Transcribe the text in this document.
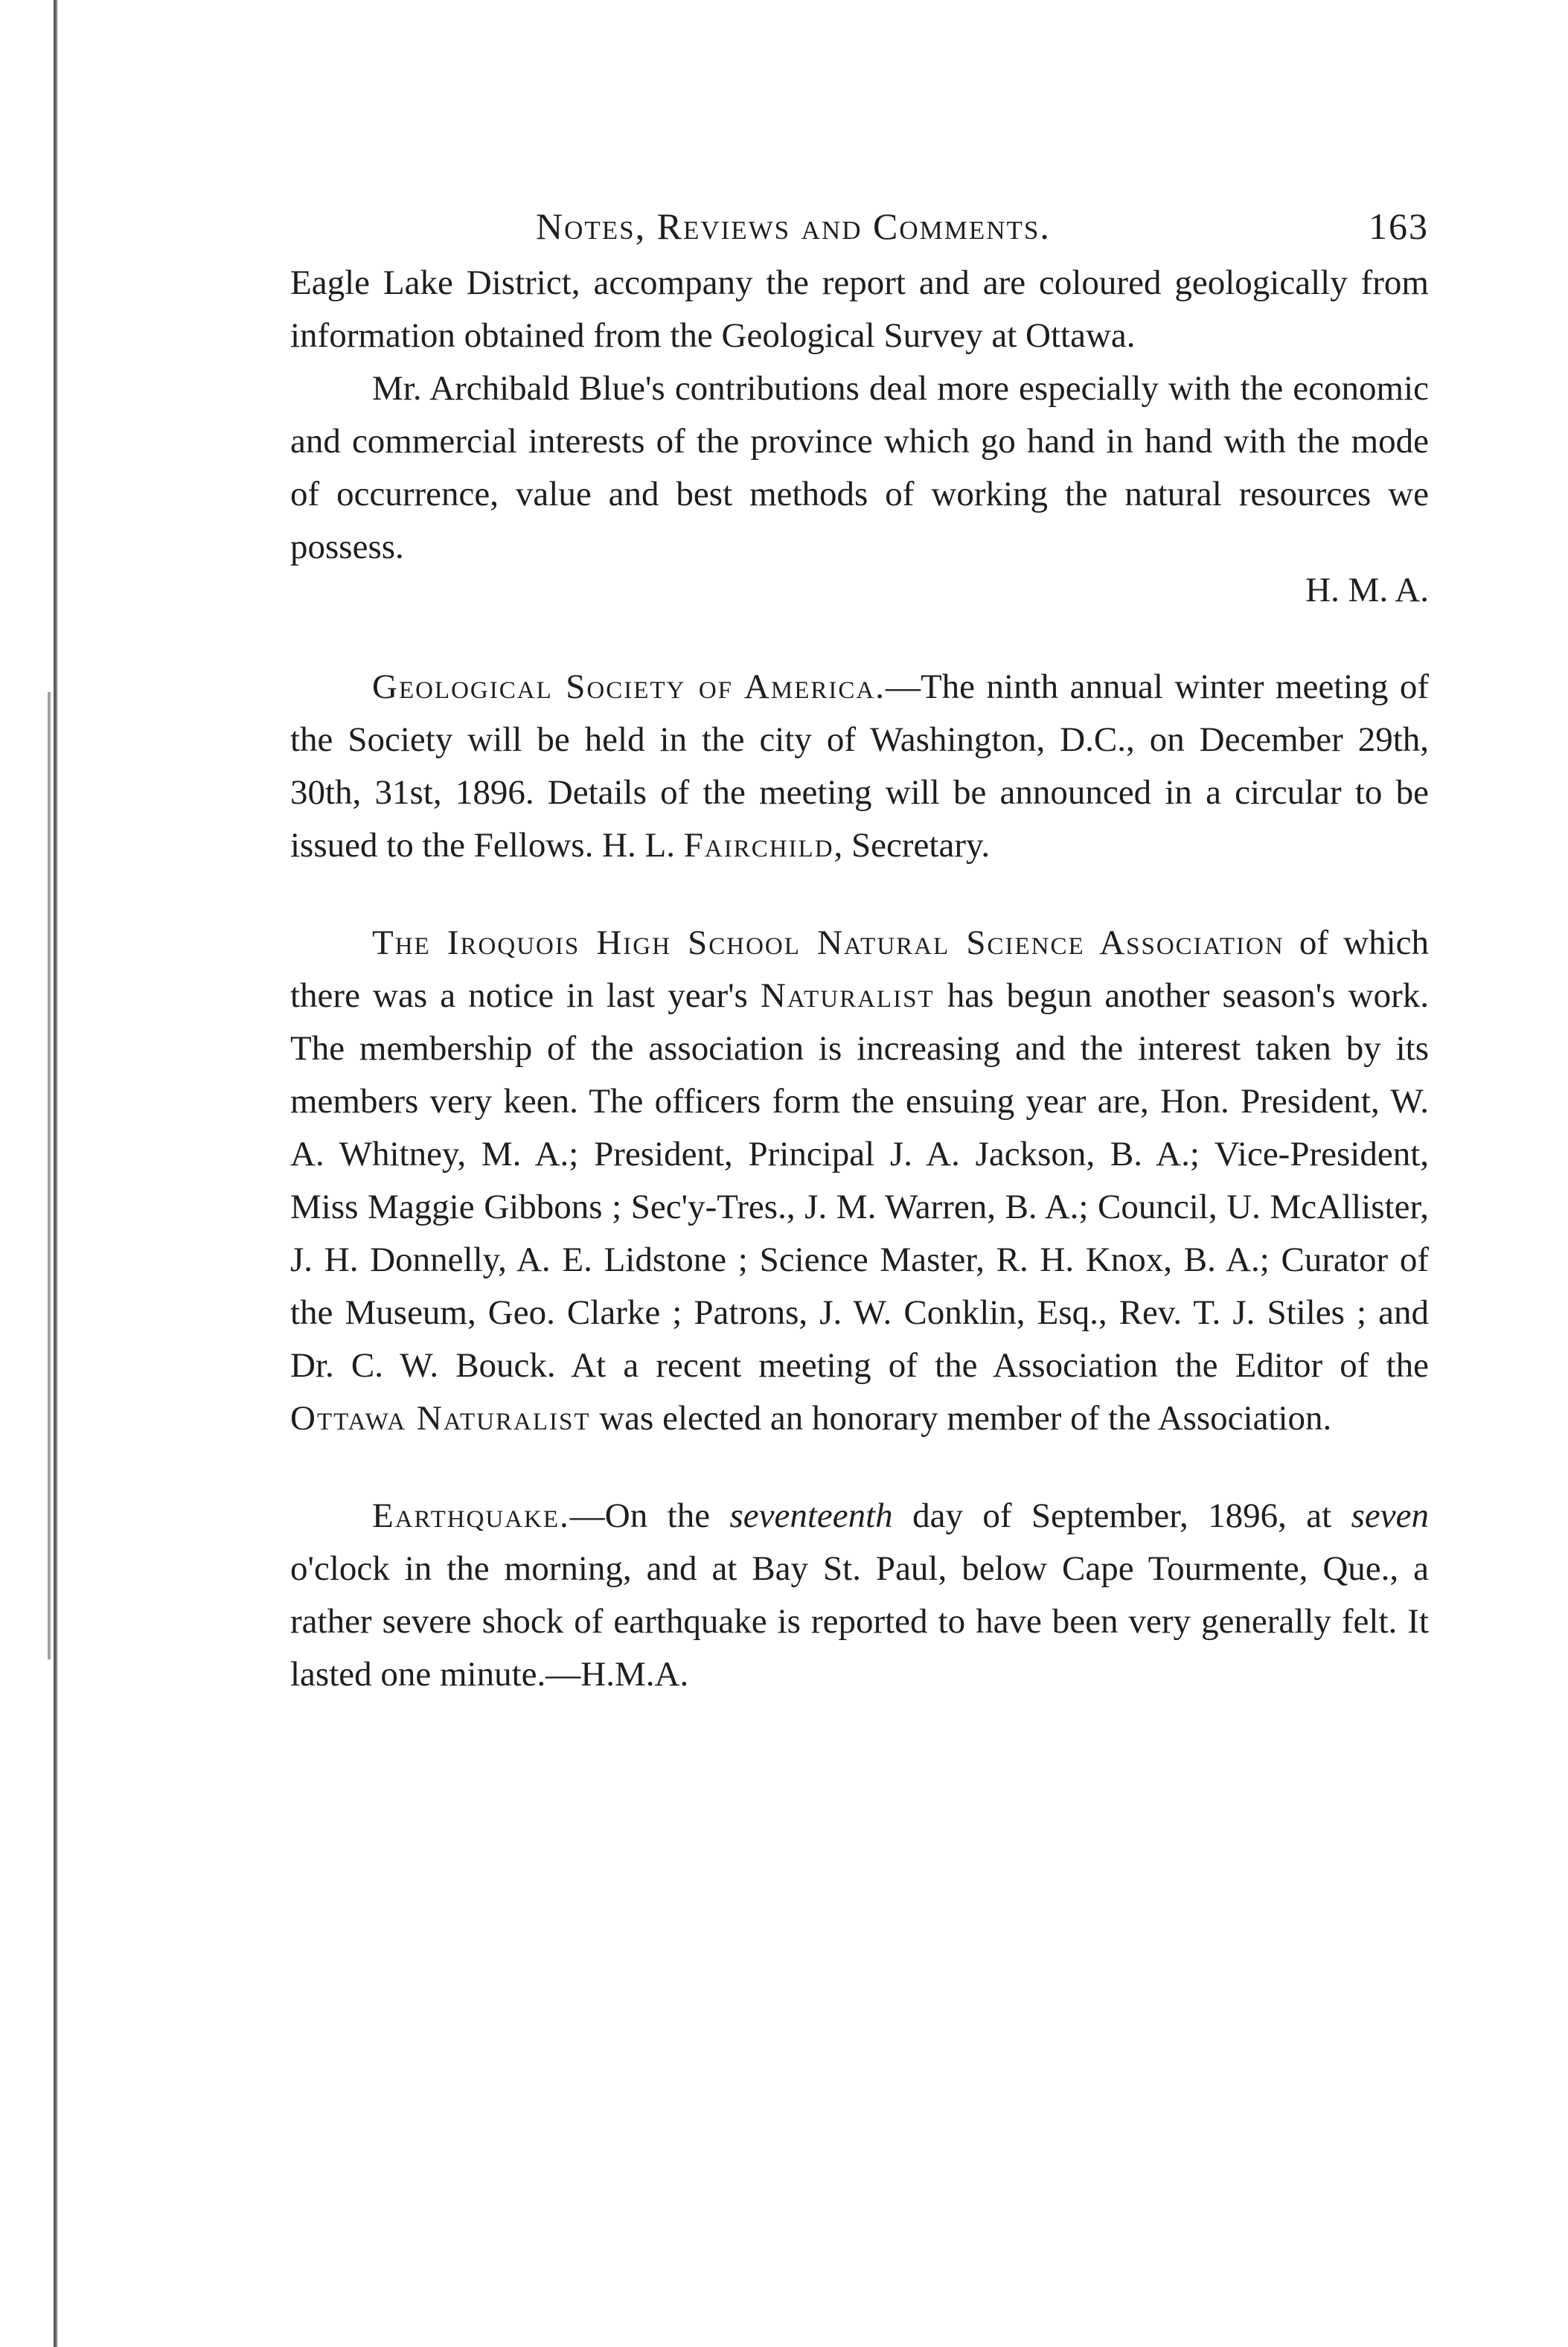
Notes, Reviews and Comments.	163

Eagle Lake District, accompany the report and are coloured geologically from information obtained from the Geological Survey at Ottawa.

Mr. Archibald Blue's contributions deal more especially with the economic and commercial interests of the province which go hand in hand with the mode of occurrence, value and best methods of working the natural resources we possess.

H. M. A.

Geological Society of America.—The ninth annual winter meeting of the Society will be held in the city of Washington, D.C., on December 29th, 30th, 31st, 1896. Details of the meeting will be announced in a circular to be issued to the Fellows. H. L. Fairchild, Secretary.

The Iroquois High School Natural Science Association of which there was a notice in last year's Naturalist has begun another season's work. The membership of the association is increasing and the interest taken by its members very keen. The officers form the ensuing year are, Hon. President, W. A. Whitney, M. A.; President, Principal J. A. Jackson, B. A.; Vice-President, Miss Maggie Gibbons ; Sec'y-Tres., J. M. Warren, B. A.; Council, U. McAllister, J. H. Donnelly, A. E. Lidstone ; Science Master, R. H. Knox, B. A.; Curator of the Museum, Geo. Clarke ; Patrons, J. W. Conklin, Esq., Rev. T. J. Stiles ; and Dr. C. W. Bouck. At a recent meeting of the Association the Editor of the Ottawa Naturalist was elected an honorary member of the Association.

Earthquake.—On the seventeenth day of September, 1896, at seven o'clock in the morning, and at Bay St. Paul, below Cape Tourmente, Que., a rather severe shock of earthquake is reported to have been very generally felt. It lasted one minute.—H.M.A.
